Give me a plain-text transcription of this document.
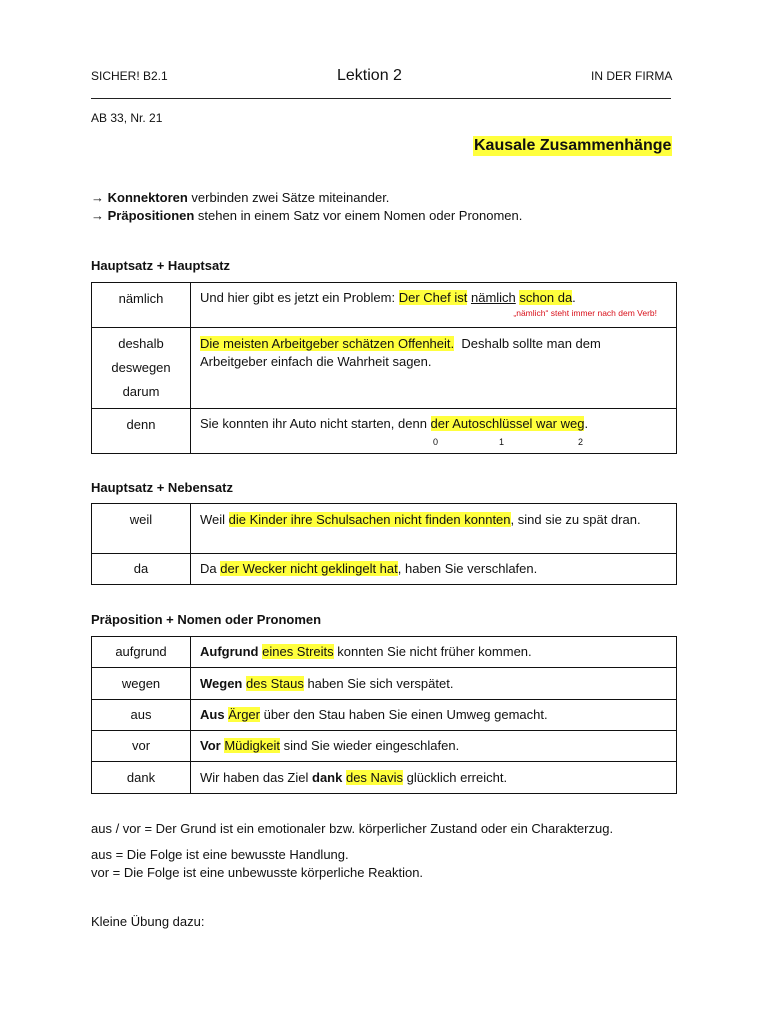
SICHER! B2.1	Lektion 2	IN DER FIRMA
AB 33, Nr. 21
Kausale Zusammenhänge
→ Konnektoren verbinden zwei Sätze miteinander.
→ Präpositionen stehen in einem Satz vor einem Nomen oder Pronomen.
Hauptsatz + Hauptsatz
nämlich	Und hier gibt es jetzt ein Problem: Der Chef ist nämlich schon da.
„nämlich“ steht immer nach dem Verb!

deshalb
deswegen
darum	Die meisten Arbeitgeber schätzen Offenheit.  Deshalb sollte man dem Arbeitgeber einfach die Wahrheit sagen.
denn	Sie konnten ihr Auto nicht starten, denn der Autoschlüssel war weg.
0 1 2
Hauptsatz + Nebensatz
weil	Weil die Kinder ihre Schulsachen nicht finden konnten, sind sie zu spät dran.
da	Da der Wecker nicht geklingelt hat, haben Sie verschlafen.
Präposition + Nomen oder Pronomen
aufgrund	Aufgrund eines Streits konnten Sie nicht früher kommen.
wegen	Wegen des Staus haben Sie sich verspätet.
aus	Aus Ärger über den Stau haben Sie einen Umweg gemacht.
vor	Vor Müdigkeit sind Sie wieder eingeschlafen.
dank	Wir haben das Ziel dank des Navis glücklich erreicht.
aus / vor = Der Grund ist ein emotionaler bzw. körperlicher Zustand oder ein Charakterzug.
aus = Die Folge ist eine bewusste Handlung.
vor = Die Folge ist eine unbewusste körperliche Reaktion.
Kleine Übung dazu:
